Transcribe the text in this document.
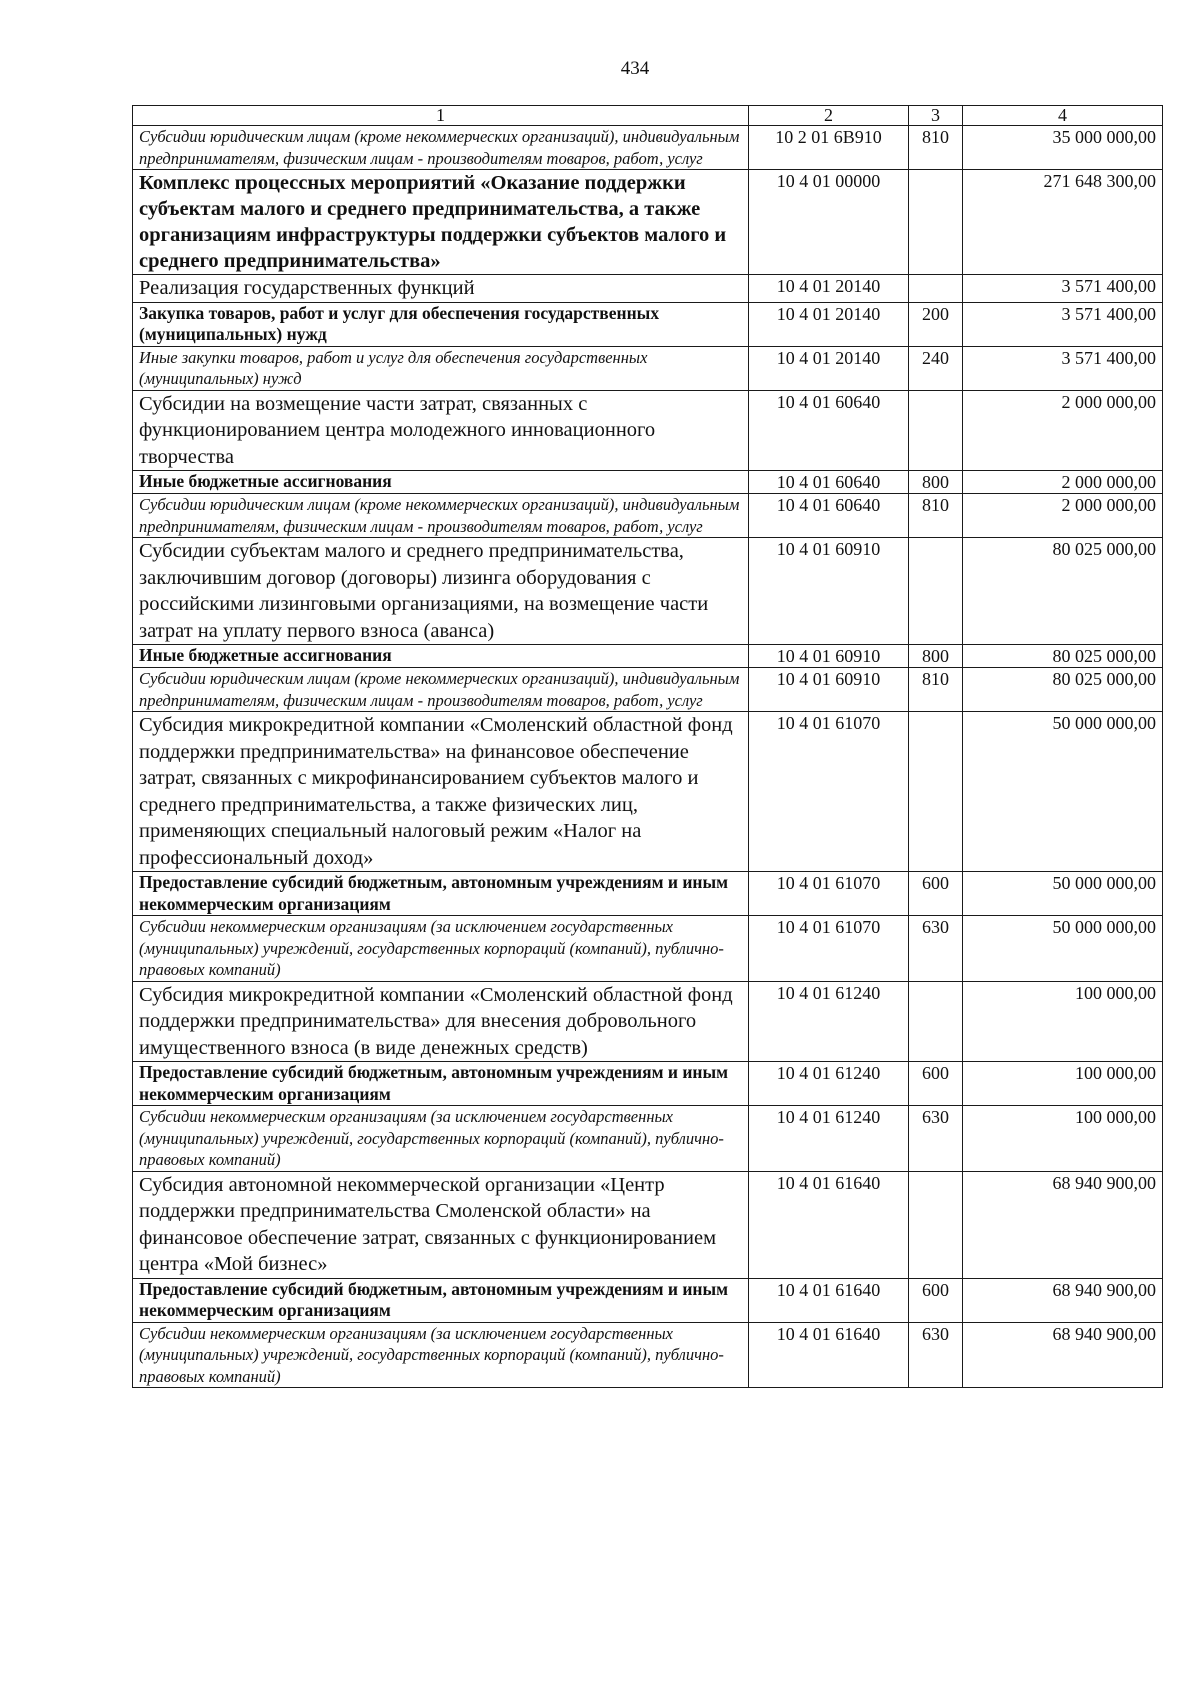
434
1	2	3	4
Субсидии юридическим лицам (кроме некоммерческих организаций), индивидуальным предпринимателям, физическим лицам - производителям товаров, работ, услуг	10 2 01 6В910	810	35 000 000,00
Комплекс процессных мероприятий «Оказание поддержки субъектам малого и среднего предпринимательства, а также организациям инфраструктуры поддержки субъектов малого и среднего предпринимательства»	10 4 01 00000		271 648 300,00
Реализация государственных функций	10 4 01 20140		3 571 400,00
Закупка товаров, работ и услуг для обеспечения государственных (муниципальных) нужд	10 4 01 20140	200	3 571 400,00
Иные закупки товаров, работ и услуг для обеспечения государственных (муниципальных) нужд	10 4 01 20140	240	3 571 400,00
Субсидии на возмещение части затрат, связанных с функционированием центра молодежного инновационного творчества	10 4 01 60640		2 000 000,00
Иные бюджетные ассигнования	10 4 01 60640	800	2 000 000,00
Субсидии юридическим лицам (кроме некоммерческих организаций), индивидуальным предпринимателям, физическим лицам - производителям товаров, работ, услуг	10 4 01 60640	810	2 000 000,00
Субсидии субъектам малого и среднего предпринимательства, заключившим договор (договоры) лизинга оборудования с российскими лизинговыми организациями, на возмещение части затрат на уплату первого взноса (аванса)	10 4 01 60910		80 025 000,00
Иные бюджетные ассигнования	10 4 01 60910	800	80 025 000,00
Субсидии юридическим лицам (кроме некоммерческих организаций), индивидуальным предпринимателям, физическим лицам - производителям товаров, работ, услуг	10 4 01 60910	810	80 025 000,00
Субсидия микрокредитной компании «Смоленский областной фонд поддержки предпринимательства» на финансовое обеспечение затрат, связанных с микрофинансированием субъектов малого и среднего предпринимательства, а также физических лиц, применяющих специальный налоговый режим «Налог на профессиональный доход»	10 4 01 61070		50 000 000,00
Предоставление субсидий бюджетным, автономным учреждениям и иным некоммерческим организациям	10 4 01 61070	600	50 000 000,00
Субсидии некоммерческим организациям (за исключением государственных (муниципальных) учреждений, государственных корпораций (компаний), публично-правовых компаний)	10 4 01 61070	630	50 000 000,00
Субсидия микрокредитной компании «Смоленский областной фонд поддержки предпринимательства» для внесения добровольного имущественного взноса (в виде денежных средств)	10 4 01 61240		100 000,00
Предоставление субсидий бюджетным, автономным учреждениям и иным некоммерческим организациям	10 4 01 61240	600	100 000,00
Субсидии некоммерческим организациям (за исключением государственных (муниципальных) учреждений, государственных корпораций (компаний), публично-правовых компаний)	10 4 01 61240	630	100 000,00
Субсидия автономной некоммерческой организации «Центр поддержки предпринимательства Смоленской области» на финансовое обеспечение затрат, связанных с функционированием центра «Мой бизнес»	10 4 01 61640		68 940 900,00
Предоставление субсидий бюджетным, автономным учреждениям и иным некоммерческим организациям	10 4 01 61640	600	68 940 900,00
Субсидии некоммерческим организациям (за исключением государственных (муниципальных) учреждений, государственных корпораций (компаний), публично-правовых компаний)	10 4 01 61640	630	68 940 900,00
